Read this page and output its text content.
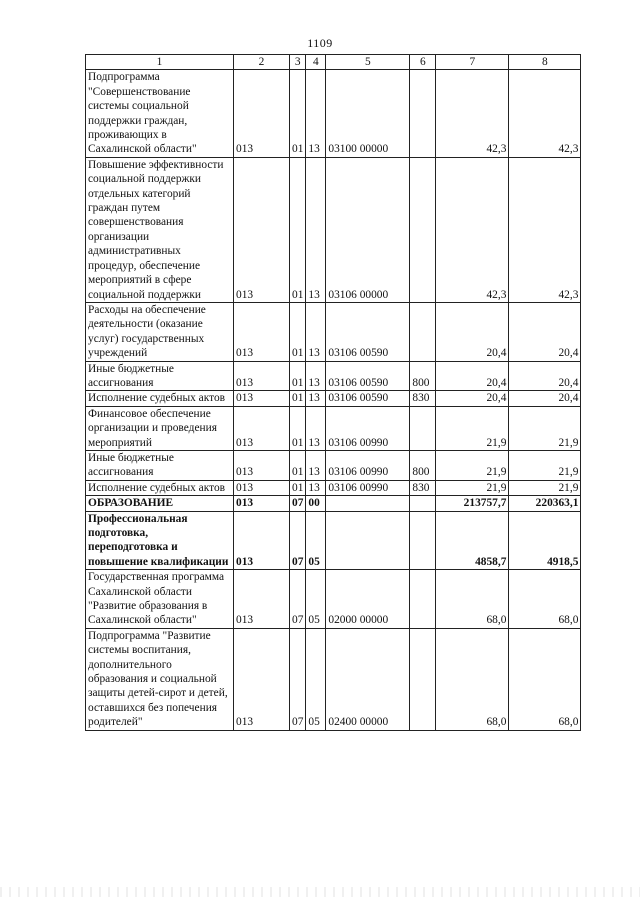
1109
1	2	3	4	5	6	7	8
Подпрограмма "Совершенствование системы социальной поддержки граждан, проживающих в Сахалинской области"	013	01	13	03100 00000		42,3	42,3
Повышение эффективности социальной поддержки отдельных категорий граждан путем совершенствования организации административных процедур, обеспечение мероприятий в сфере социальной поддержки	013	01	13	03106 00000		42,3	42,3
Расходы на обеспечение деятельности (оказание услуг) государственных учреждений	013	01	13	03106 00590		20,4	20,4
Иные бюджетные ассигнования	013	01	13	03106 00590	800	20,4	20,4
Исполнение судебных актов	013	01	13	03106 00590	830	20,4	20,4
Финансовое обеспечение организации и проведения мероприятий	013	01	13	03106 00990		21,9	21,9
Иные бюджетные ассигнования	013	01	13	03106 00990	800	21,9	21,9
Исполнение судебных актов	013	01	13	03106 00990	830	21,9	21,9
ОБРАЗОВАНИЕ	013	07	00			213757,7	220363,1
Профессиональная подготовка, переподготовка и повышение квалификации	013	07	05			4858,7	4918,5
Государственная программа Сахалинской области "Развитие образования в Сахалинской области"	013	07	05	02000 00000		68,0	68,0
Подпрограмма "Развитие системы воспитания, дополнительного образования и социальной защиты детей-сирот и детей, оставшихся без попечения родителей"	013	07	05	02400 00000		68,0	68,0
